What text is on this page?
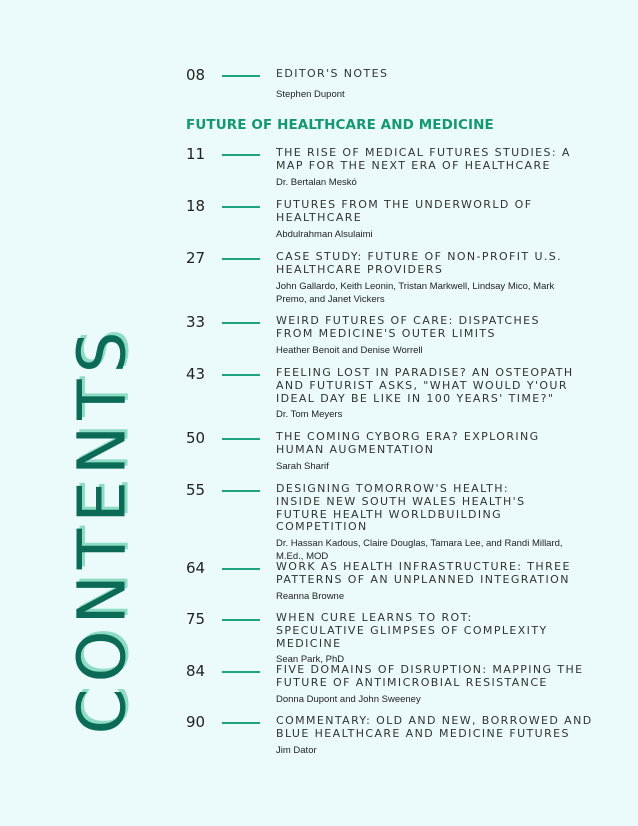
CONTENTS
FUTURE OF HEALTHCARE AND MEDICINE
08	EDITOR'S NOTES
Stephen Dupont
11	THE RISE OF MEDICAL FUTURES STUDIES: A MAP FOR THE NEXT ERA OF HEALTHCARE
Dr. Bertalan Meskó
18	FUTURES FROM THE UNDERWORLD OF HEALTHCARE
Abdulrahman Alsulaimi
27	CASE STUDY: FUTURE OF NON-PROFIT U.S. HEALTHCARE PROVIDERS
John Gallardo, Keith Leonin, Tristan Markwell, Lindsay Mico, Mark Premo, and Janet Vickers
33	WEIRD FUTURES OF CARE: DISPATCHES FROM MEDICINE'S OUTER LIMITS
Heather Benoit and Denise Worrell
43	FEELING LOST IN PARADISE? AN OSTEOPATH AND FUTURIST ASKS, "WHAT WOULD Y'OUR IDEAL DAY BE LIKE IN 100 YEARS' TIME?"
Dr. Tom Meyers
50	THE COMING CYBORG ERA? EXPLORING HUMAN AUGMENTATION
Sarah Sharif
55	DESIGNING TOMORROW'S HEALTH: INSIDE NEW SOUTH WALES HEALTH'S FUTURE HEALTH WORLDBUILDING COMPETITION
Dr. Hassan Kadous, Claire Douglas, Tamara Lee, and Randi Millard, M.Ed., MOD
64	WORK AS HEALTH INFRASTRUCTURE: THREE PATTERNS OF AN UNPLANNED INTEGRATION
Reanna Browne
75	WHEN CURE LEARNS TO ROT: SPECULATIVE GLIMPSES OF COMPLEXITY MEDICINE
Sean Park, PhD
84	FIVE DOMAINS OF DISRUPTION: MAPPING THE FUTURE OF ANTIMICROBIAL RESISTANCE
Donna Dupont and John Sweeney
90	COMMENTARY: OLD AND NEW, BORROWED AND BLUE HEALTHCARE AND MEDICINE FUTURES
Jim Dator
